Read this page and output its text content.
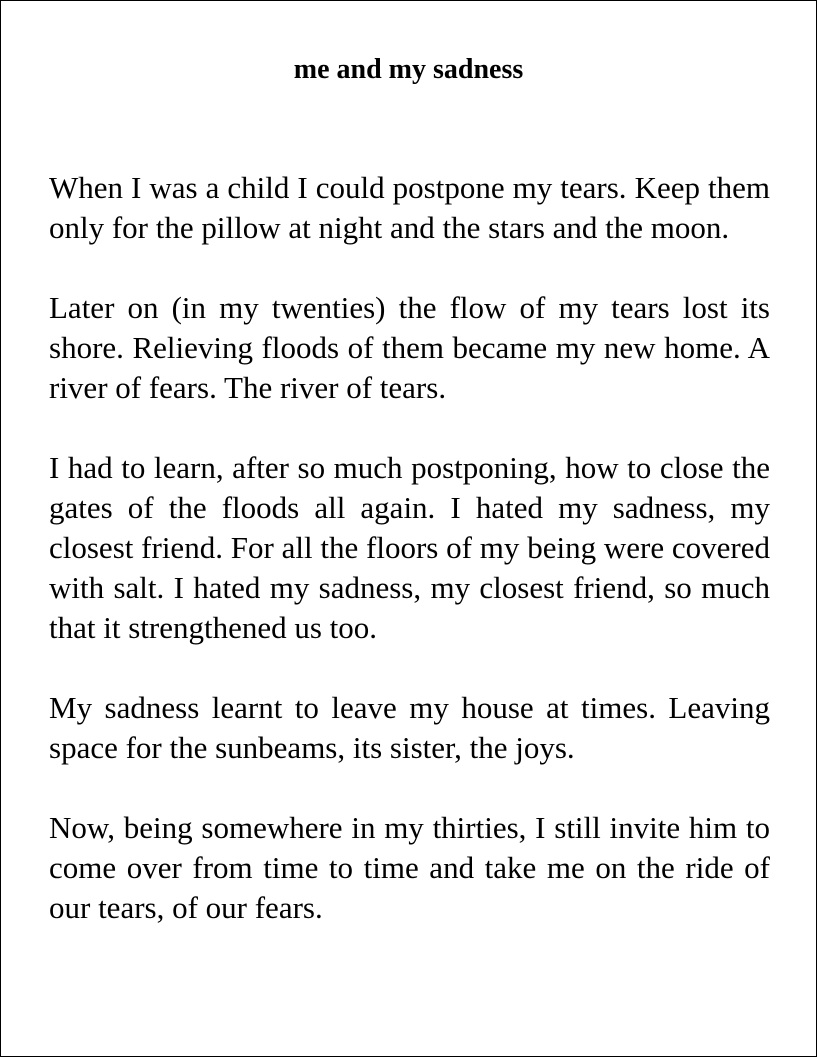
me and my sadness

When I was a child I could postpone my tears. Keep them only for the pillow at night and the stars and the moon.

Later on (in my twenties) the flow of my tears lost its shore. Relieving floods of them became my new home. A river of fears. The river of tears.

I had to learn, after so much postponing, how to close the gates of the floods all again. I hated my sadness, my closest friend. For all the floors of my being were covered with salt. I hated my sadness, my closest friend, so much that it strengthened us too.

My sadness learnt to leave my house at times. Leaving space for the sunbeams, its sister, the joys.

Now, being somewhere in my thirties, I still invite him to come over from time to time and take me on the ride of our tears, of our fears.
